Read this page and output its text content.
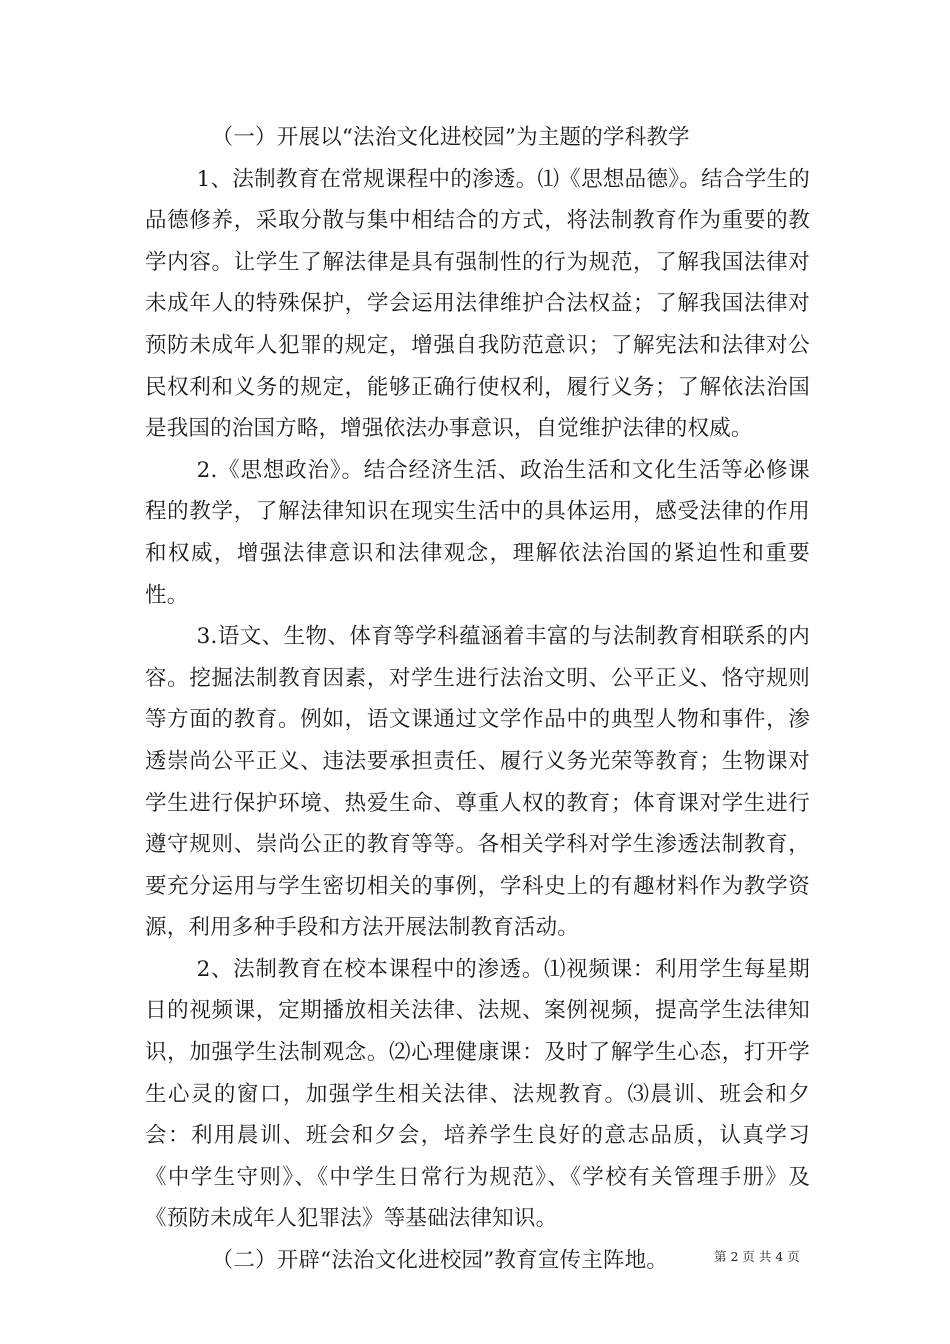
（一）开展以“法治文化进校园”为主题的学科教学

1、法制教育在常规课程中的渗透。⑴《思想品德》。结合学生的品德修养，采取分散与集中相结合的方式，将法制教育作为重要的教学内容。让学生了解法律是具有强制性的行为规范，了解我国法律对未成年人的特殊保护，学会运用法律维护合法权益；了解我国法律对预防未成年人犯罪的规定，增强自我防范意识；了解宪法和法律对公民权利和义务的规定，能够正确行使权利，履行义务；了解依法治国是我国的治国方略，增强依法办事意识，自觉维护法律的权威。

2.《思想政治》。结合经济生活、政治生活和文化生活等必修课程的教学，了解法律知识在现实生活中的具体运用，感受法律的作用和权威，增强法律意识和法律观念，理解依法治国的紧迫性和重要性。

3.语文、生物、体育等学科蕴涵着丰富的与法制教育相联系的内容。挖掘法制教育因素，对学生进行法治文明、公平正义、恪守规则等方面的教育。例如，语文课通过文学作品中的典型人物和事件，渗透崇尚公平正义、违法要承担责任、履行义务光荣等教育；生物课对学生进行保护环境、热爱生命、尊重人权的教育；体育课对学生进行遵守规则、崇尚公正的教育等等。各相关学科对学生渗透法制教育，要充分运用与学生密切相关的事例，学科史上的有趣材料作为教学资源，利用多种手段和方法开展法制教育活动。

2、法制教育在校本课程中的渗透。⑴视频课：利用学生每星期日的视频课，定期播放相关法律、法规、案例视频，提高学生法律知识，加强学生法制观念。⑵心理健康课：及时了解学生心态，打开学生心灵的窗口，加强学生相关法律、法规教育。⑶晨训、班会和夕会：利用晨训、班会和夕会，培养学生良好的意志品质，认真学习《中学生守则》、《中学生日常行为规范》、《学校有关管理手册》及《预防未成年人犯罪法》等基础法律知识。

（二）开辟“法治文化进校园”教育宣传主阵地。	第 2 页 共 4 页
